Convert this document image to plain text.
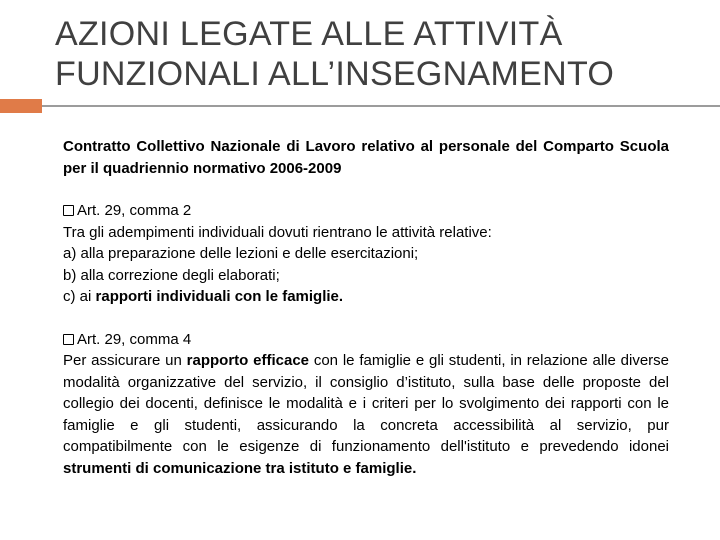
AZIONI LEGATE ALLE ATTIVITÀ
FUNZIONALI ALL’INSEGNAMENTO

Contratto Collettivo Nazionale di Lavoro relativo al personale del Comparto Scuola per il quadriennio normativo 2006-2009

Art. 29, comma 2
Tra gli adempimenti individuali dovuti rientrano le attività relative:
a) alla preparazione delle lezioni e delle esercitazioni;
b) alla correzione degli elaborati;
c) ai rapporti individuali con le famiglie.
Art. 29, comma 4

Per assicurare un rapporto efficace con le famiglie e gli studenti, in relazione alle diverse modalità organizzative del servizio, il consiglio d’istituto, sulla base delle proposte del collegio dei docenti, definisce le modalità e i criteri per lo svolgimento dei rapporti con le famiglie e gli studenti, assicurando la concreta accessibilità al servizio, pur compatibilmente con le esigenze di funzionamento dell'istituto e prevedendo idonei strumenti di comunicazione tra istituto e famiglie.
